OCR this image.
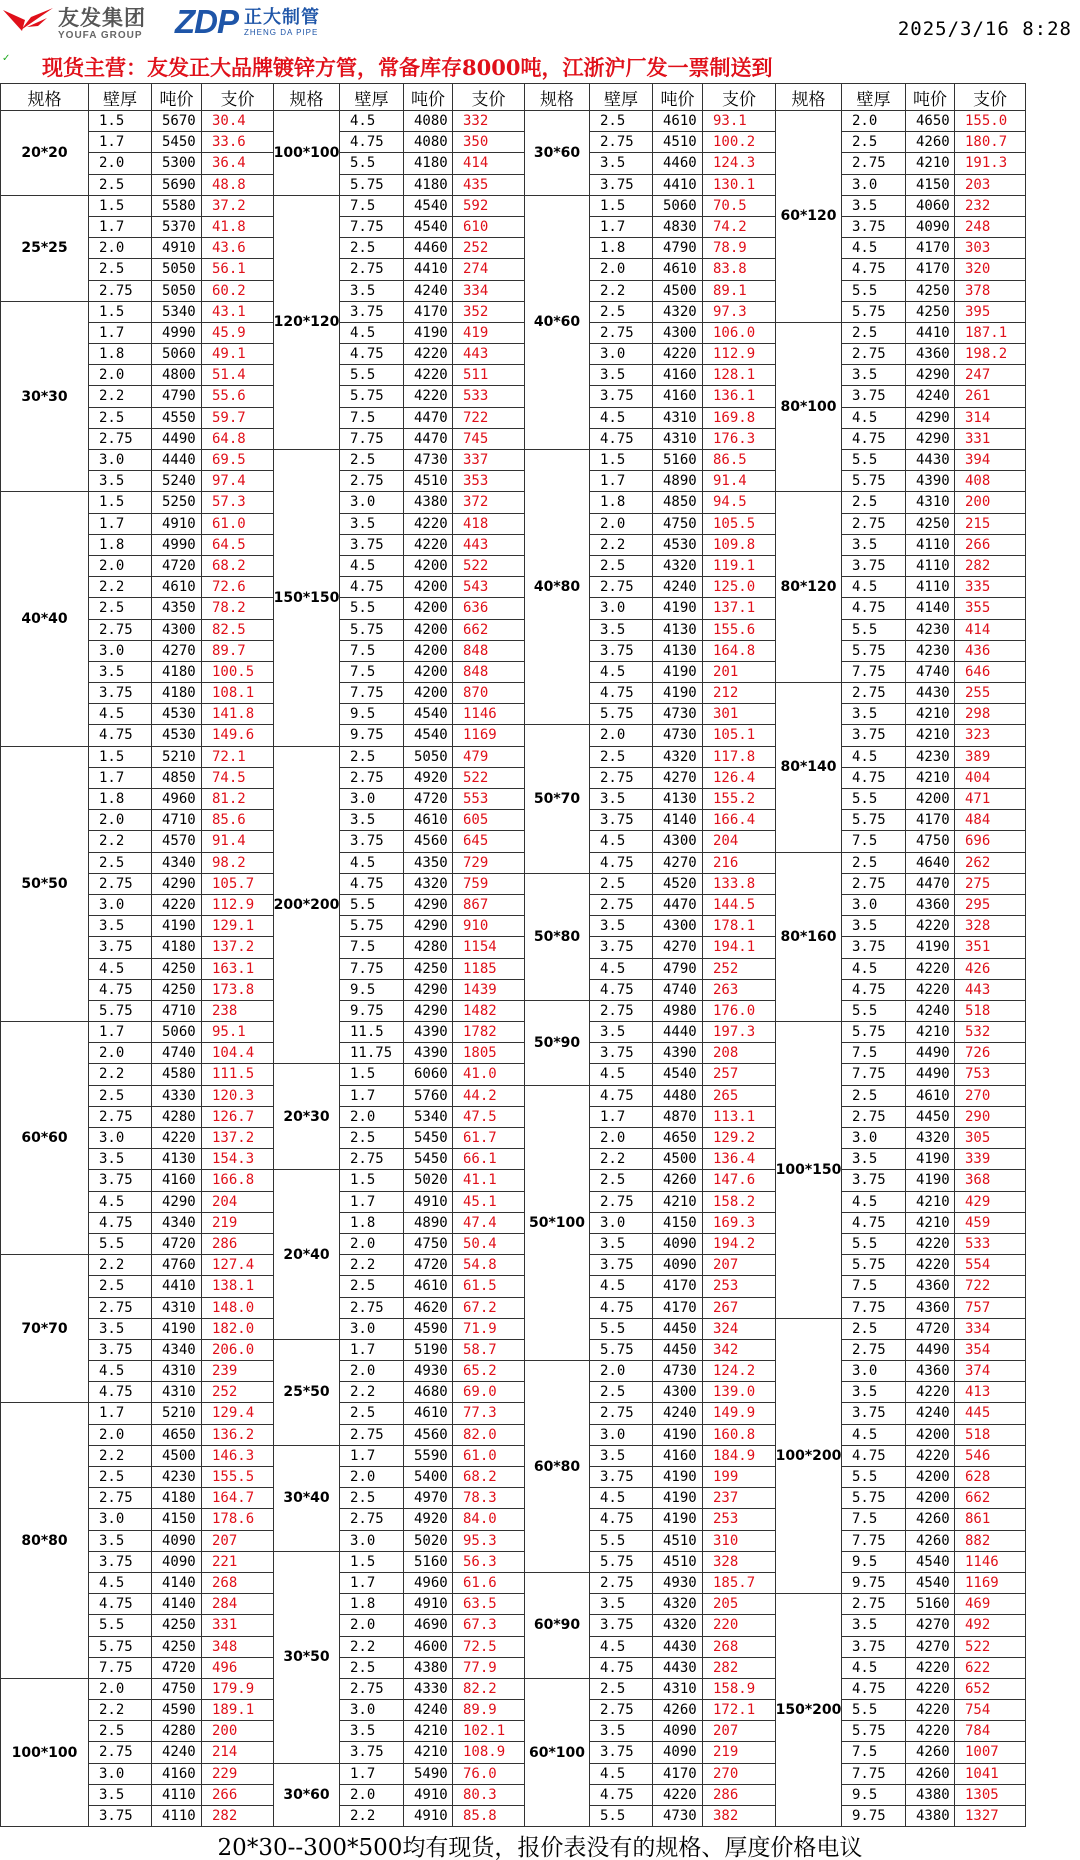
友发集团
YOUFA GROUP ZDP 正大制管
ZHENG DA PIPE	2025/3/16 8:28
✓ 现货主营：友发正大品牌镀锌方管，常备库存8000吨，江浙沪厂发一票制送到
规格	壁厚	吨价	支价
20*20
1.5	5670	30.4
1.7	5450	33.6
2.0	5300	36.4
2.5	5690	48.8
25*25
1.5	5580	37.2
1.7	5370	41.8
2.0	4910	43.6
2.5	5050	56.1
2.75	5050	60.2
30*30
1.5	5340	43.1
1.7	4990	45.9
1.8	5060	49.1
2.0	4800	51.4
2.2	4790	55.6
2.5	4550	59.7
2.75	4490	64.8
3.0	4440	69.5
3.5	5240	97.4
40*40
1.5	5250	57.3
1.7	4910	61.0
1.8	4990	64.5
2.0	4720	68.2
2.2	4610	72.6
2.5	4350	78.2
2.75	4300	82.5
3.0	4270	89.7
3.5	4180	100.5
3.75	4180	108.1
4.5	4530	141.8
4.75	4530	149.6
50*50
1.5	5210	72.1
1.7	4850	74.5
1.8	4960	81.2
2.0	4710	85.6
2.2	4570	91.4
2.5	4340	98.2
2.75	4290	105.7
3.0	4220	112.9
3.5	4190	129.1
3.75	4180	137.2
4.5	4250	163.1
4.75	4250	173.8
5.75	4710	238
60*60
1.7	5060	95.1
2.0	4740	104.4
2.2	4580	111.5
2.5	4330	120.3
2.75	4280	126.7
3.0	4220	137.2
3.5	4130	154.3
3.75	4160	166.8
4.5	4290	204
4.75	4340	219
5.5	4720	286
70*70
2.2	4760	127.4
2.5	4410	138.1
2.75	4310	148.0
3.5	4190	182.0
3.75	4340	206.0
4.5	4310	239
4.75	4310	252
80*80
1.7	5210	129.4
2.0	4650	136.2
2.2	4500	146.3
2.5	4230	155.5
2.75	4180	164.7
3.0	4150	178.6
3.5	4090	207
3.75	4090	221
4.5	4140	268
4.75	4140	284
5.5	4250	331
5.75	4250	348
7.75	4720	496
100*100
2.0	4750	179.9
2.2	4590	189.1
2.5	4280	200
2.75	4240	214
3.0	4160	229
3.5	4110	266
3.75	4110	282
规格	壁厚	吨价	支价
100*100
4.5	4080	332
4.75	4080	350
5.5	4180	414
5.75	4180	435
120*120
7.5	4540	592
7.75	4540	610
2.5	4460	252
2.75	4410	274
3.5	4240	334
3.75	4170	352
4.5	4190	419
4.75	4220	443
5.5	4220	511
5.75	4220	533
7.5	4470	722
7.75	4470	745
150*150
2.5	4730	337
2.75	4510	353
3.0	4380	372
3.5	4220	418
3.75	4220	443
4.5	4200	522
4.75	4200	543
5.5	4200	636
5.75	4200	662
7.5	4200	848
7.5	4200	848
7.75	4200	870
9.5	4540	1146
9.75	4540	1169
200*200
2.5	5050	479
2.75	4920	522
3.0	4720	553
3.5	4610	605
3.75	4560	645
4.5	4350	729
4.75	4320	759
5.5	4290	867
5.75	4290	910
7.5	4280	1154
7.75	4250	1185
9.5	4290	1439
9.75	4290	1482
11.5	4390	1782
11.75	4390	1805
20*30
1.5	6060	41.0
1.7	5760	44.2
2.0	5340	47.5
2.5	5450	61.7
2.75	5450	66.1
20*40
1.5	5020	41.1
1.7	4910	45.1
1.8	4890	47.4
2.0	4750	50.4
2.2	4720	54.8
2.5	4610	61.5
2.75	4620	67.2
3.0	4590	71.9
25*50
1.7	5190	58.7
2.0	4930	65.2
2.2	4680	69.0
2.5	4610	77.3
2.75	4560	82.0
30*40
1.7	5590	61.0
2.0	5400	68.2
2.5	4970	78.3
2.75	4920	84.0
3.0	5020	95.3
30*50
1.5	5160	56.3
1.7	4960	61.6
1.8	4910	63.5
2.0	4690	67.3
2.2	4600	72.5
2.5	4380	77.9
2.75	4330	82.2
3.0	4240	89.9
3.5	4210	102.1
3.75	4210	108.9
30*60
1.7	5490	76.0
2.0	4910	80.3
2.2	4910	85.8
规格	壁厚	吨价	支价
30*60
2.5	4610	93.1
2.75	4510	100.2
3.5	4460	124.3
3.75	4410	130.1
40*60
1.5	5060	70.5
1.7	4830	74.2
1.8	4790	78.9
2.0	4610	83.8
2.2	4500	89.1
2.5	4320	97.3
2.75	4300	106.0
3.0	4220	112.9
3.5	4160	128.1
3.75	4160	136.1
4.5	4310	169.8
4.75	4310	176.3
40*80
1.5	5160	86.5
1.7	4890	91.4
1.8	4850	94.5
2.0	4750	105.5
2.2	4530	109.8
2.5	4320	119.1
2.75	4240	125.0
3.0	4190	137.1
3.5	4130	155.6
3.75	4130	164.8
4.5	4190	201
4.75	4190	212
5.75	4730	301
50*70
2.0	4730	105.1
2.5	4320	117.8
2.75	4270	126.4
3.5	4130	155.2
3.75	4140	166.4
4.5	4300	204
4.75	4270	216
50*80
2.5	4520	133.8
2.75	4470	144.5
3.5	4300	178.1
3.75	4270	194.1
4.5	4790	252
4.75	4740	263
50*90
2.75	4980	176.0
3.5	4440	197.3
3.75	4390	208
4.5	4540	257
50*100
4.75	4480	265
1.7	4870	113.1
2.0	4650	129.2
2.2	4500	136.4
2.5	4260	147.6
2.75	4210	158.2
3.0	4150	169.3
3.5	4090	194.2
3.75	4090	207
4.5	4170	253
4.75	4170	267
5.5	4450	324
5.75	4450	342
60*80
2.0	4730	124.2
2.5	4300	139.0
2.75	4240	149.9
3.0	4190	160.8
3.5	4160	184.9
3.75	4190	199
4.5	4190	237
4.75	4190	253
5.5	4510	310
5.75	4510	328
60*90
2.75	4930	185.7
3.5	4320	205
3.75	4320	220
4.5	4430	268
4.75	4430	282
60*100
2.5	4310	158.9
2.75	4260	172.1
3.5	4090	207
3.75	4090	219
4.5	4170	270
4.75	4220	286
5.5	4730	382
规格	壁厚	吨价	支价
60*120
2.0	4650	155.0
2.5	4260	180.7
2.75	4210	191.3
3.0	4150	203
3.5	4060	232
3.75	4090	248
4.5	4170	303
4.75	4170	320
5.5	4250	378
5.75	4250	395
80*100
2.5	4410	187.1
2.75	4360	198.2
3.5	4290	247
3.75	4240	261
4.5	4290	314
4.75	4290	331
5.5	4430	394
5.75	4390	408
80*120
2.5	4310	200
2.75	4250	215
3.5	4110	266
3.75	4110	282
4.5	4110	335
4.75	4140	355
5.5	4230	414
5.75	4230	436
7.75	4740	646
80*140
2.75	4430	255
3.5	4210	298
3.75	4210	323
4.5	4230	389
4.75	4210	404
5.5	4200	471
5.75	4170	484
7.5	4750	696
80*160
2.5	4640	262
2.75	4470	275
3.0	4360	295
3.5	4220	328
3.75	4190	351
4.5	4220	426
4.75	4220	443
5.5	4240	518
100*150
5.75	4210	532
7.5	4490	726
7.75	4490	753
2.5	4610	270
2.75	4450	290
3.0	4320	305
3.5	4190	339
3.75	4190	368
4.5	4210	429
4.75	4210	459
5.5	4220	533
5.75	4220	554
7.5	4360	722
7.75	4360	757
100*200
2.5	4720	334
2.75	4490	354
3.0	4360	374
3.5	4220	413
3.75	4240	445
4.5	4200	518
4.75	4220	546
5.5	4200	628
5.75	4200	662
7.5	4260	861
7.75	4260	882
9.5	4540	1146
9.75	4540	1169
150*200
2.75	5160	469
3.5	4270	492
3.75	4270	522
4.5	4220	622
4.75	4220	652
5.5	4220	754
5.75	4220	784
7.5	4260	1007
7.75	4260	1041
9.5	4380	1305
9.75	4380	1327
20*30--300*500均有现货，报价表没有的规格、厚度价格电议
